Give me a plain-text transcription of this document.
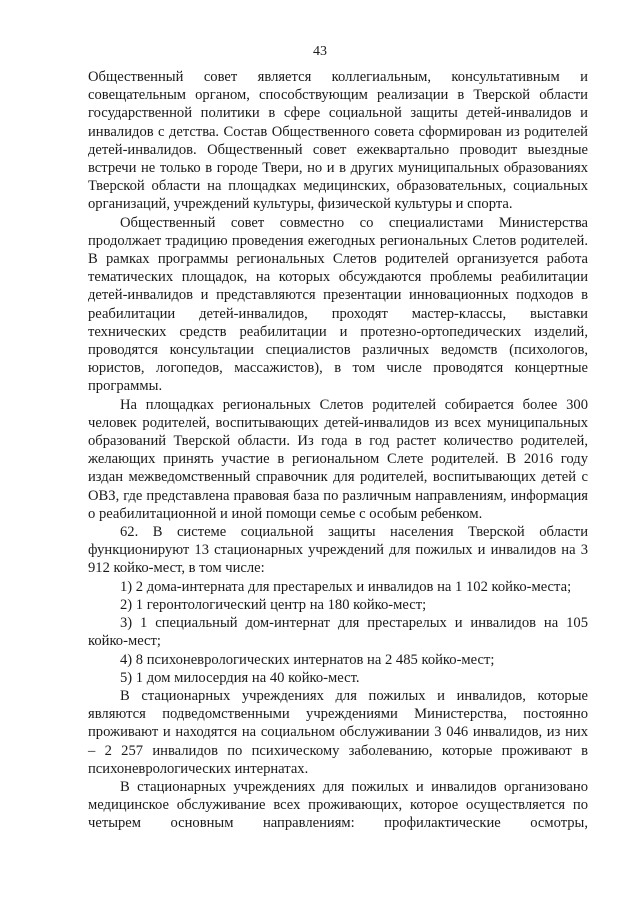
43

Общественный совет является коллегиальным, консультативным и совещательным органом, способствующим реализации в Тверской области государственной политики в сфере социальной защиты детей-инвалидов и инвалидов с детства. Состав Общественного совета сформирован из родителей детей-инвалидов. Общественный совет ежеквартально проводит выездные встречи не только в городе Твери, но и в других муниципальных образованиях Тверской области на площадках медицинских, образовательных, социальных организаций, учреждений культуры, физической культуры и спорта.

Общественный совет совместно со специалистами Министерства продолжает традицию проведения ежегодных региональных Слетов родителей. В рамках программы региональных Слетов родителей организуется работа тематических площадок, на которых обсуждаются проблемы реабилитации детей-инвалидов и представляются презентации инновационных подходов в реабилитации детей-инвалидов, проходят мастер-классы, выставки технических средств реабилитации и протезно-ортопедических изделий, проводятся консультации специалистов различных ведомств (психологов, юристов, логопедов, массажистов), в том числе проводятся концертные программы.

На площадках региональных Слетов родителей собирается более 300 человек родителей, воспитывающих детей-инвалидов из всех муниципальных образований Тверской области. Из года в год растет количество родителей, желающих принять участие в региональном Слете родителей. В 2016 году издан межведомственный справочник для родителей, воспитывающих детей с ОВЗ, где представлена правовая база по различным направлениям, информация о реабилитационной и иной помощи семье с особым ребенком.

62. В системе социальной защиты населения Тверской области функционируют 13 стационарных учреждений для пожилых и инвалидов на 3 912 койко-мест, в том числе:

1) 2 дома-интерната для престарелых и инвалидов на 1 102 койко-места;

2) 1 геронтологический центр на 180 койко-мест;

3) 1 специальный дом-интернат для престарелых и инвалидов на 105 койко-мест;

4) 8 психоневрологических интернатов на 2 485 койко-мест;

5) 1 дом милосердия на 40 койко-мест.

В стационарных учреждениях для пожилых и инвалидов, которые являются подведомственными учреждениями Министерства, постоянно проживают и находятся на социальном обслуживании 3 046 инвалидов, из них – 2 257 инвалидов по психическому заболеванию, которые проживают в психоневрологических интернатах.

В стационарных учреждениях для пожилых и инвалидов организовано медицинское обслуживание всех проживающих, которое осуществляется по четырем основным направлениям: профилактические осмотры,
